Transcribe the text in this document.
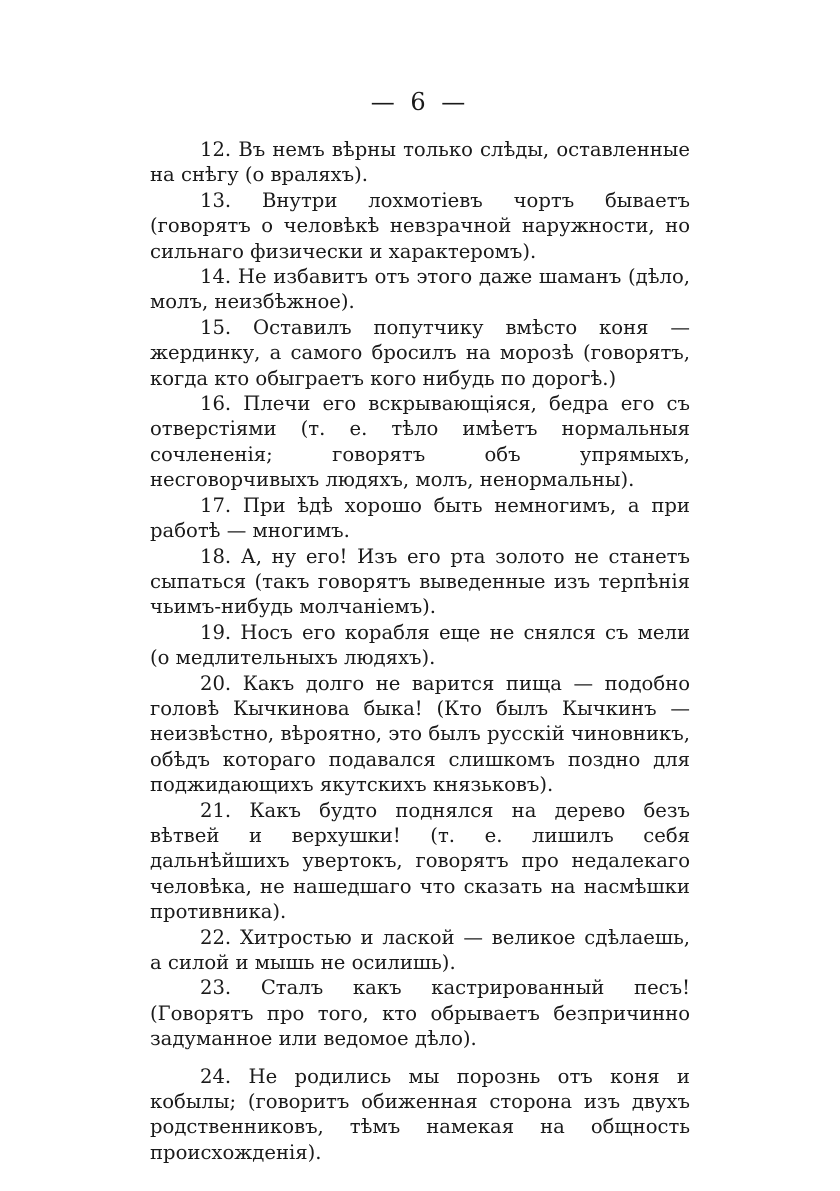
— 6 —

12. Въ немъ вѣрны только слѣды, оставленные на снѣгу (о враляхъ).

13. Внутри лохмотiевъ чортъ бываетъ (говорятъ о человѣкѣ невзрачной наружности, но сильнаго физически и характеромъ).

14. Не избавитъ отъ этого даже шаманъ (дѣло, молъ, неизбѣжное).

15. Оставилъ попутчику вмѣсто коня — жердинку, а самого бросилъ на морозѣ (говорятъ, когда кто обыграетъ кого нибудь по дорогѣ.)

16. Плечи его вскрывающiяся, бедра его съ отверстiями (т. е. тѣло имѣетъ нормальныя сочлененiя; говорятъ объ упрямыхъ, несговорчивыхъ людяхъ, молъ, ненормальны).

17. При ѣдѣ хорошо быть немногимъ, а при работѣ — многимъ.

18. А, ну его! Изъ его рта золото не станетъ сыпаться (такъ говорятъ выведенные изъ терпѣнiя чьимъ-нибудь молчанiемъ).

19. Носъ его корабля еще не снялся съ мели (о медлительныхъ людяхъ).

20. Какъ долго не варится пища — подобно головѣ Кычкинова быка! (Кто былъ Кычкинъ — неизвѣстно, вѣроятно, это былъ русскiй чиновникъ, обѣдъ котораго подавался слишкомъ поздно для поджидающихъ якутскихъ князьковъ).

21. Какъ будто поднялся на дерево безъ вѣтвей и верхушки! (т. е. лишилъ себя дальнѣйшихъ увертокъ, говорятъ про недалекаго человѣка, не нашедшаго что сказать на насмѣшки противника).

22. Хитростью и лаской — великое сдѣлаешь, а силой и мышь не осилишь).

23. Сталъ какъ кастрированный песъ! (Говорятъ про того, кто обрываетъ безпричинно задуманное или ведомое дѣло).

24. Не родились мы порознь отъ коня и кобылы; (говоритъ обиженная сторона изъ двухъ родственниковъ, тѣмъ намекая на общность происхожденiя).
